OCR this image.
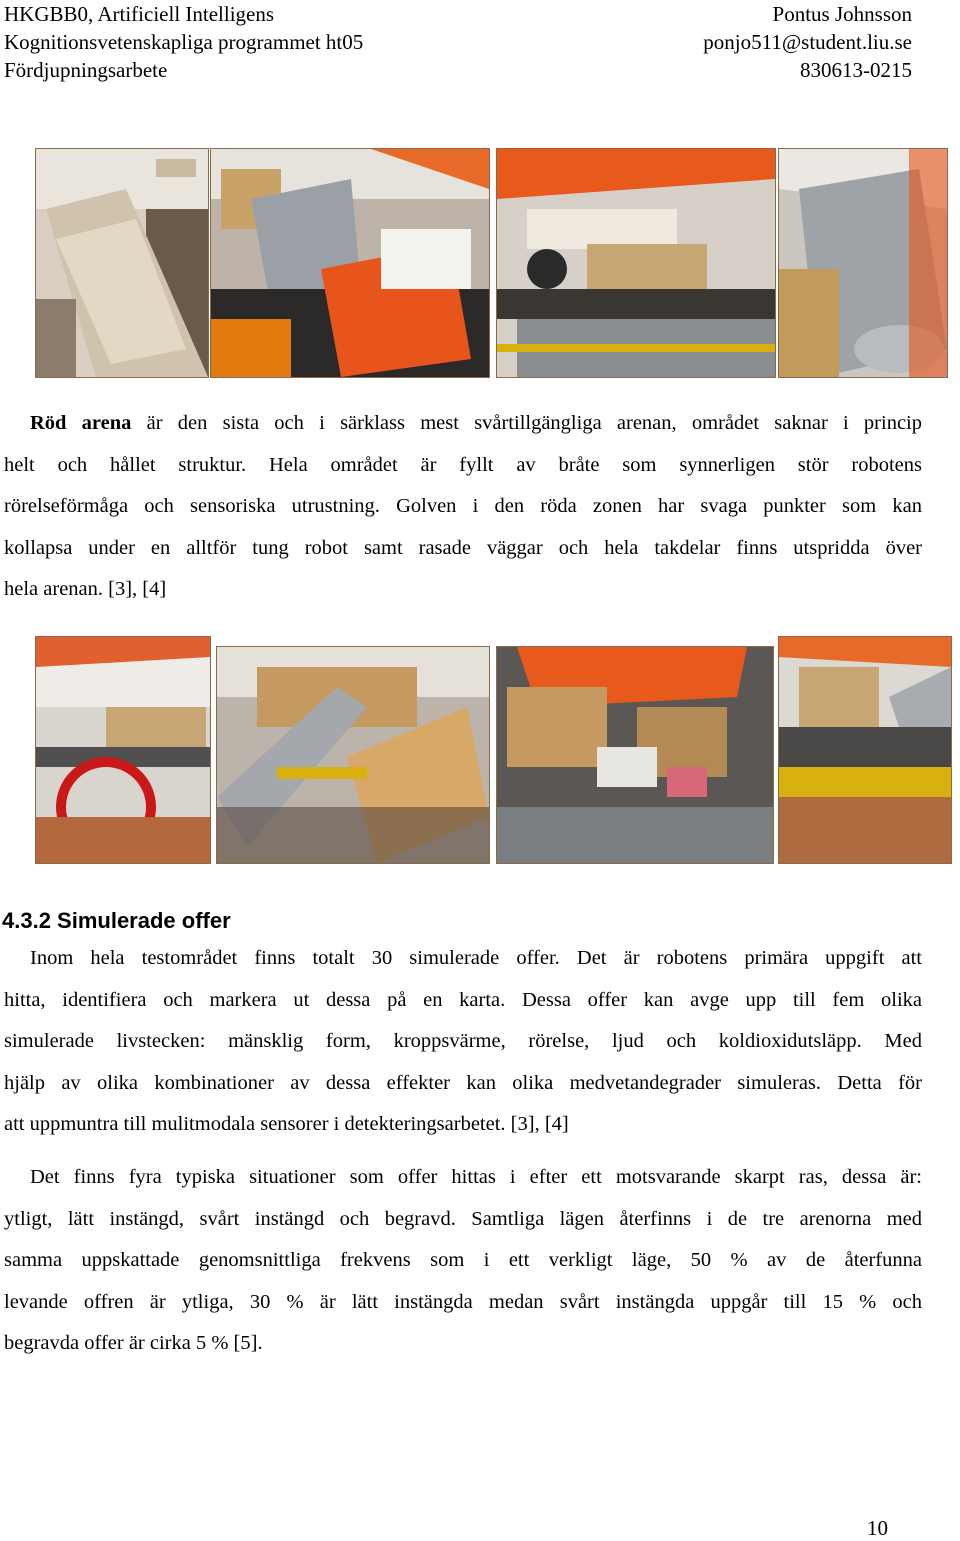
HKGBB0, Artificiell Intelligens
Kognitionsvetenskapliga programmet ht05
Fördjupningsarbete
Pontus Johnsson
ponjo511@student.liu.se
830613-0215
Röd arena är den sista och i särklass mest svårtillgängliga arenan, området saknar i princip
helt och hållet struktur. Hela området är fyllt av bråte som synnerligen stör robotens
rörelseförmåga och sensoriska utrustning. Golven i den röda zonen har svaga punkter som kan
kollapsa under en alltför tung robot samt rasade väggar och hela takdelar finns utspridda över
hela arenan. [3], [4]
4.3.2 Simulerade offer
Inom hela testområdet finns totalt 30 simulerade offer. Det är robotens primära uppgift att
hitta, identifiera och markera ut dessa på en karta. Dessa offer kan avge upp till fem olika
simulerade livstecken: mänsklig form, kroppsvärme, rörelse, ljud och koldioxidutsläpp. Med
hjälp av olika kombinationer av dessa effekter kan olika medvetandegrader simuleras. Detta för
att uppmuntra till mulitmodala sensorer i detekteringsarbetet. [3], [4]
Det finns fyra typiska situationer som offer hittas i efter ett motsvarande skarpt ras, dessa är:
ytligt, lätt instängd, svårt instängd och begravd. Samtliga lägen återfinns i de tre arenorna med
samma uppskattade genomsnittliga frekvens som i ett verkligt läge, 50 % av de återfunna
levande offren är ytliga, 30 % är lätt instängda medan svårt instängda uppgår till 15 % och
begravda offer är cirka 5 % [5].
10
